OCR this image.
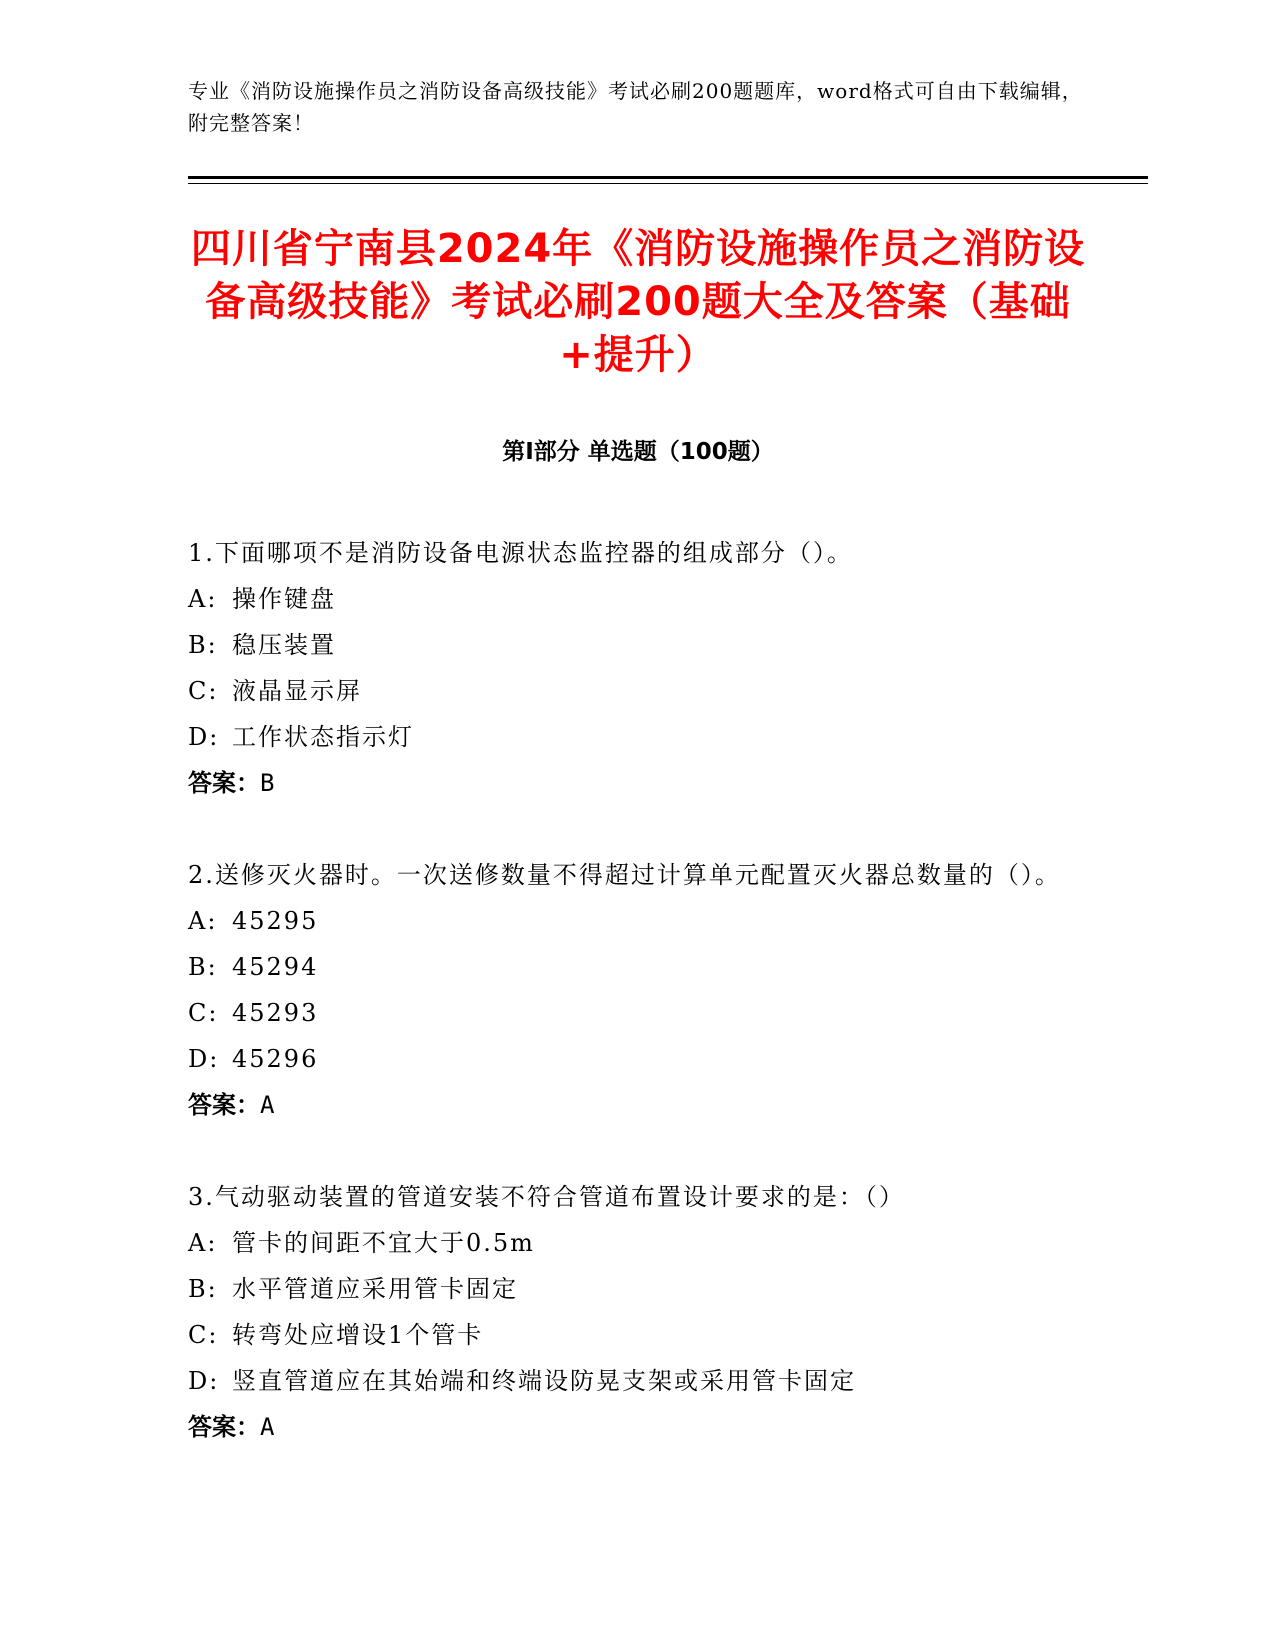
专业《消防设施操作员之消防设备高级技能》考试必刷200题题库，word格式可自由下载编辑，附完整答案！
四川省宁南县2024年《消防设施操作员之消防设备高级技能》考试必刷200题大全及答案（基础+提升）
第Ⅰ部分 单选题（100题）
1.下面哪项不是消防设备电源状态监控器的组成部分（）。
A: 操作键盘
B: 稳压装置
C: 液晶显示屏
D: 工作状态指示灯
答案：B
2.送修灭火器时。一次送修数量不得超过计算单元配置灭火器总数量的（）。
A: 45295
B: 45294
C: 45293
D: 45296
答案：A
3.气动驱动装置的管道安装不符合管道布置设计要求的是：（）
A: 管卡的间距不宜大于0.5m
B: 水平管道应采用管卡固定
C: 转弯处应增设1个管卡
D: 竖直管道应在其始端和终端设防晃支架或采用管卡固定
答案：A
